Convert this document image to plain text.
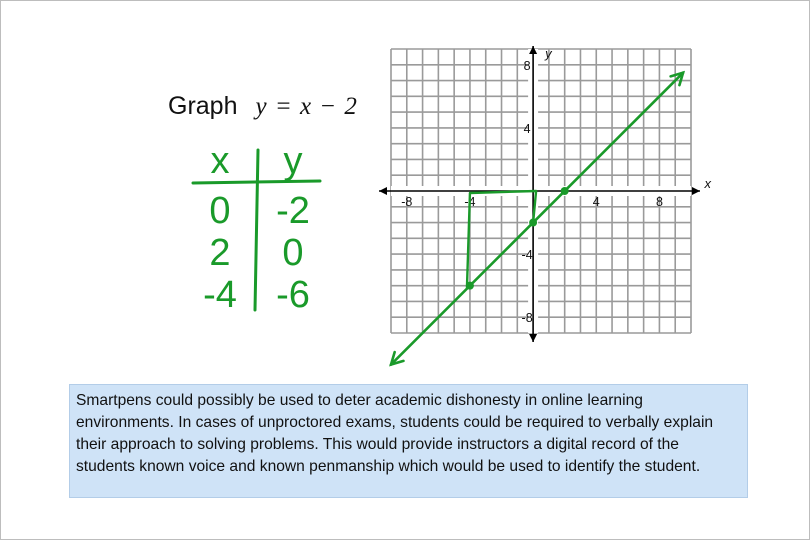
Graph y = x − 2
x y
0 -2
2 0
-4 -6
-8	-4	4	8
8
4
-4
-8
x
y
Smartpens could possibly be used to deter academic dishonesty in online learning environments. In cases of unproctored exams, students could be required to verbally explain their approach to solving problems. This would provide instructors a digital record of the students known voice and known penmanship which would be used to identify the student.
